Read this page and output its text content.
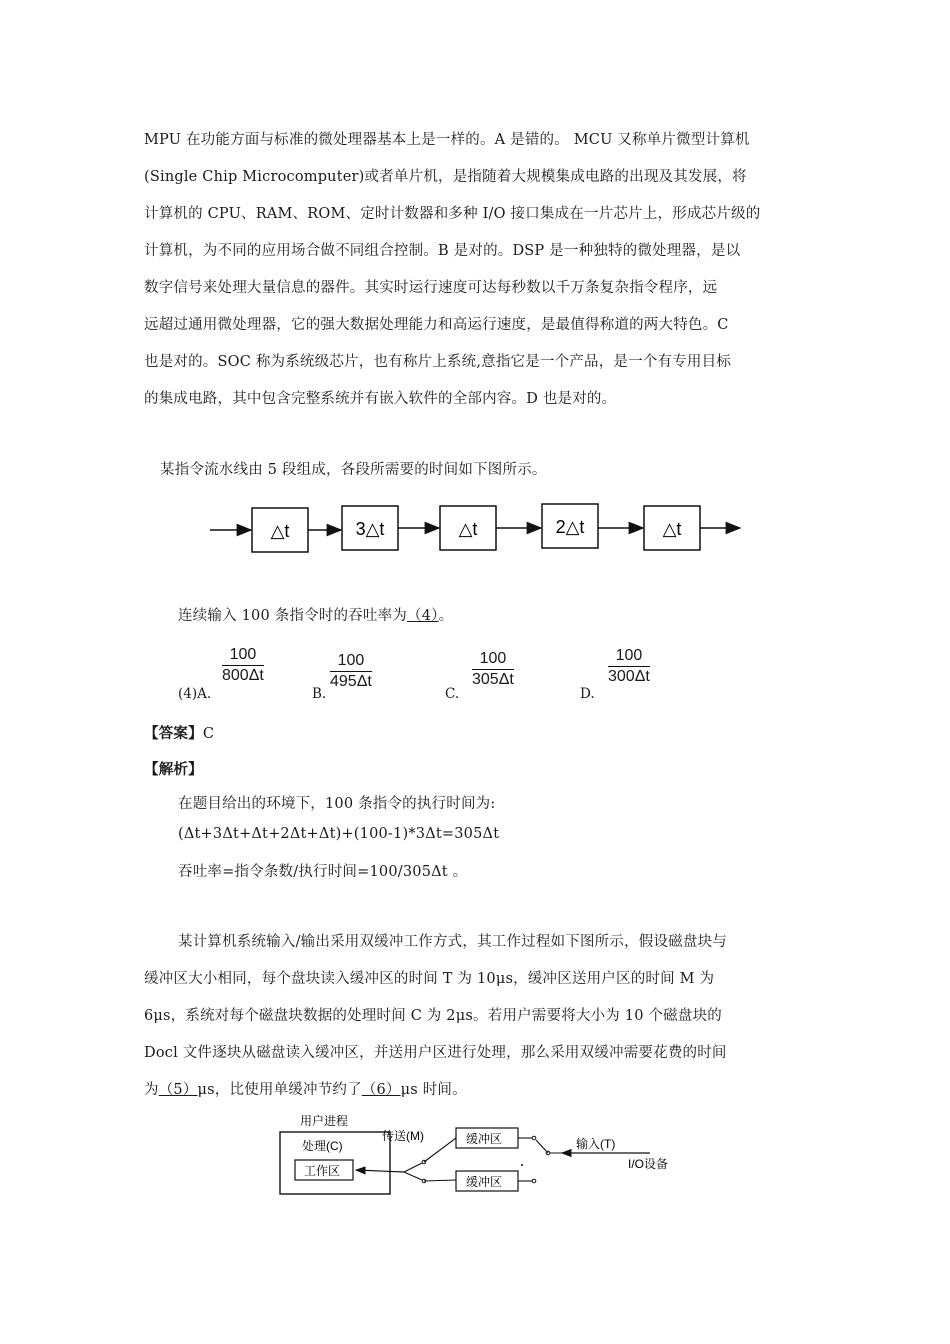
MPU 在功能方面与标准的微处理器基本上是一样的。A 是错的。 MCU 又称单片微型计算机
(Single Chip Microcomputer)或者单片机，是指随着大规模集成电路的出现及其发展，将
计算机的 CPU、RAM、ROM、定时计数器和多种 I/O 接口集成在一片芯片上，形成芯片级的
计算机，为不同的应用场合做不同组合控制。B 是对的。DSP 是一种独特的微处理器，是以
数字信号来处理大量信息的器件。其实时运行速度可达每秒数以千万条复杂指令程序，远
远超过通用微处理器，它的强大数据处理能力和高运行速度，是最值得称道的两大特色。C
也是对的。SOC 称为系统级芯片，也有称片上系统,意指它是一个产品，是一个有专用目标
的集成电路，其中包含完整系统并有嵌入软件的全部内容。D 也是对的。
某指令流水线由 5 段组成，各段所需要的时间如下图所示。
△t	3△t	△t	2△t	△t
连续输入 100 条指令时的吞吐率为（4）。
(4)A.
$\frac{100}{800\Delta t}$
B.
$\frac{100}{495\Delta t}$
C.
$\frac{100}{305\Delta t}$
D.
$\frac{100}{300\Delta t}$
【答案】C
【解析】
在题目给出的环境下，100 条指令的执行时间为:
(Δt+3Δt+Δt+2Δt+Δt)+(100-1)*3Δt=305Δt
吞吐率=指令条数/执行时间=100/305Δt 。
某计算机系统输入/输出采用双缓冲工作方式，其工作过程如下图所示，假设磁盘块与
缓冲区大小相同，每个盘块读入缓冲区的时间 T 为 10μs，缓冲区送用户区的时间 M 为
6μs，系统对每个磁盘块数据的处理时间 C 为 2μs。若用户需要将大小为 10 个磁盘块的
Docl 文件逐块从磁盘读入缓冲区，并送用户区进行处理，那么采用双缓冲需要花费的时间
为（5）μs，比使用单缓冲节约了（6）μs 时间。
用户进程
处理(C)
工作区
传送(M)	缓冲区
缓冲区
输入(T)
I/O设备
